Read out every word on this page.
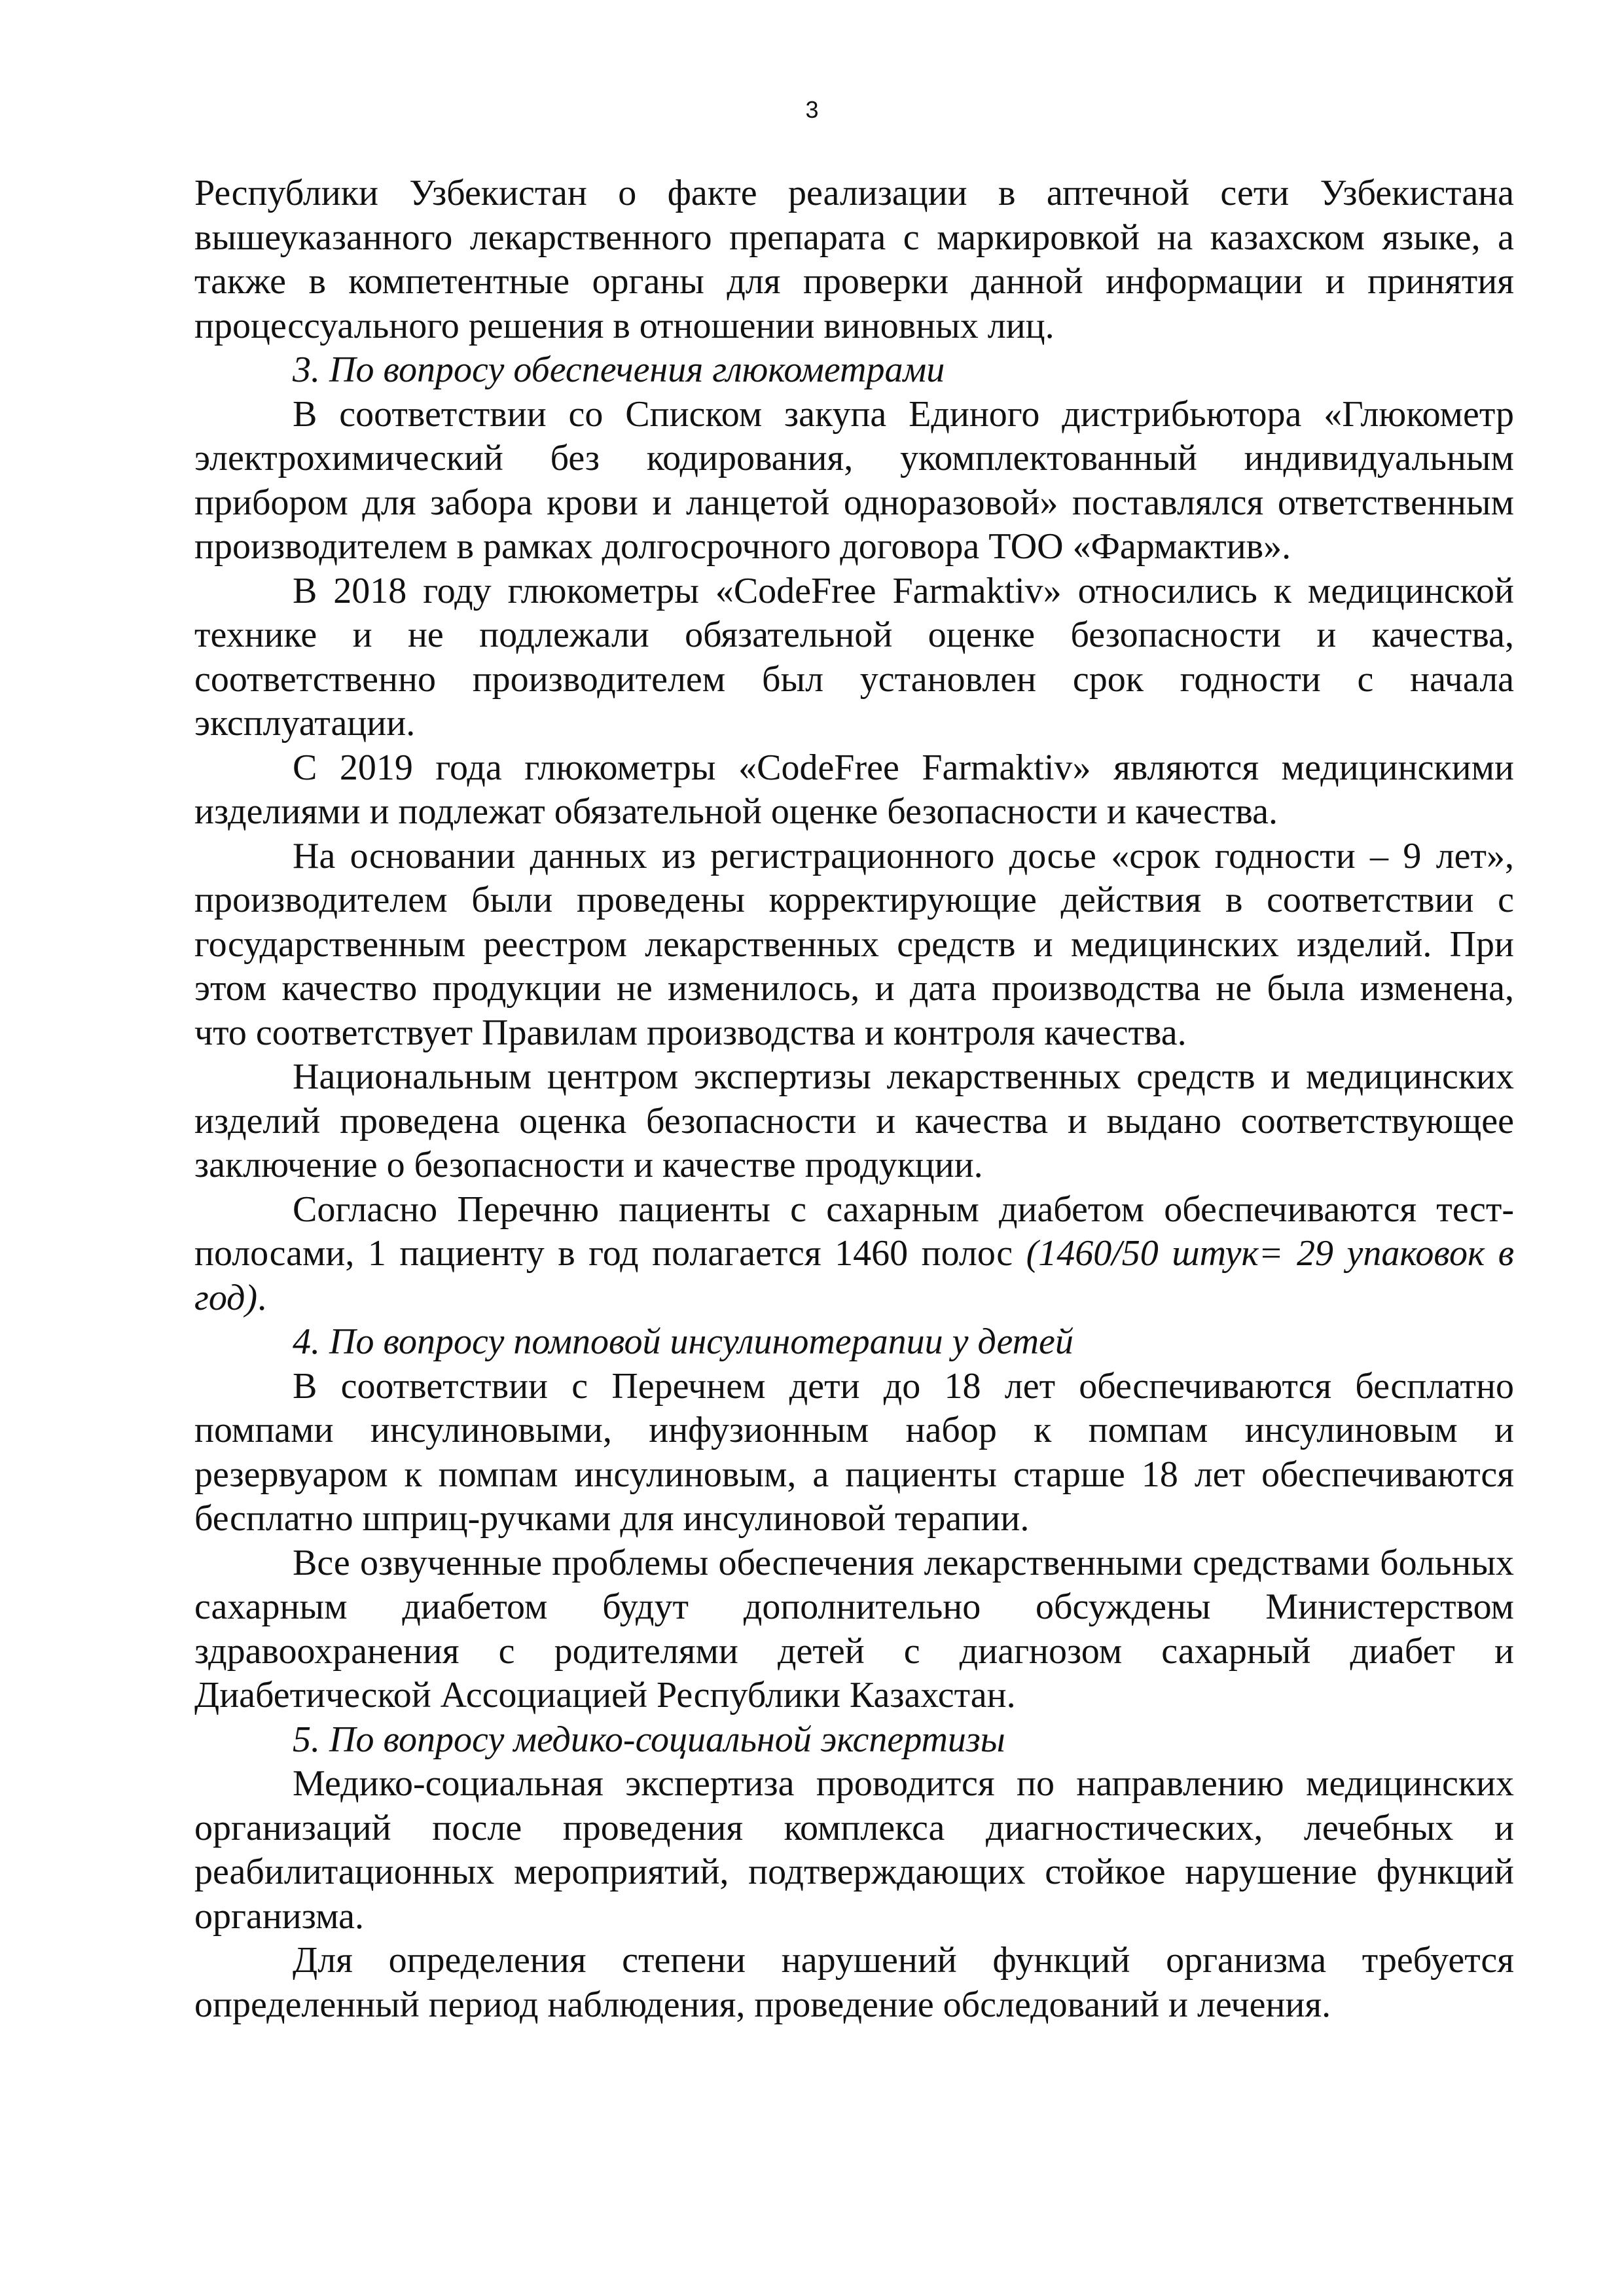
3

Республики Узбекистан о факте реализации в аптечной сети Узбекистана вышеуказанного лекарственного препарата с маркировкой на казахском языке, а также в компетентные органы для проверки данной информации и принятия процессуального решения в отношении виновных лиц.

3. По вопросу обеспечения глюкометрами

В соответствии со Списком закупа Единого дистрибьютора «Глюкометр электрохимический без кодирования, укомплектованный индивидуальным прибором для забора крови и ланцетой одноразовой» поставлялся ответственным производителем в рамках долгосрочного договора ТОО «Фармактив».

В 2018 году глюкометры «CodeFree Farmaktiv» относились к медицинской технике и не подлежали обязательной оценке безопасности и качества, соответственно производителем был установлен срок годности с начала эксплуатации.

С 2019 года глюкометры «CodeFree Farmaktiv» являются медицинскими изделиями и подлежат обязательной оценке безопасности и качества.

На основании данных из регистрационного досье «срок годности – 9 лет», производителем были проведены корректирующие действия в соответствии с государственным реестром лекарственных средств и медицинских изделий. При этом качество продукции не изменилось, и дата производства не была изменена, что соответствует Правилам производства и контроля качества.

Национальным центром экспертизы лекарственных средств и медицинских изделий проведена оценка безопасности и качества и выдано соответствующее заключение о безопасности и качестве продукции.

Согласно Перечню пациенты с сахарным диабетом обеспечиваются тест-полосами, 1 пациенту в год полагается 1460 полос (1460/50 штук= 29 упаковок в год).

4. По вопросу помповой инсулинотерапии у детей

В соответствии с Перечнем дети до 18 лет обеспечиваются бесплатно помпами инсулиновыми, инфузионным набор к помпам инсулиновым и резервуаром к помпам инсулиновым, а пациенты старше 18 лет обеспечиваются бесплатно шприц-ручками для инсулиновой терапии.

Все озвученные проблемы обеспечения лекарственными средствами больных сахарным диабетом будут дополнительно обсуждены Министерством здравоохранения с родителями детей с диагнозом сахарный диабет и Диабетической Ассоциацией Республики Казахстан.

5. По вопросу медико-социальной экспертизы

Медико-социальная экспертиза проводится по направлению медицинских организаций после проведения комплекса диагностических, лечебных и реабилитационных мероприятий, подтверждающих стойкое нарушение функций организма.

Для определения степени нарушений функций организма требуется определенный период наблюдения, проведение обследований и лечения.
